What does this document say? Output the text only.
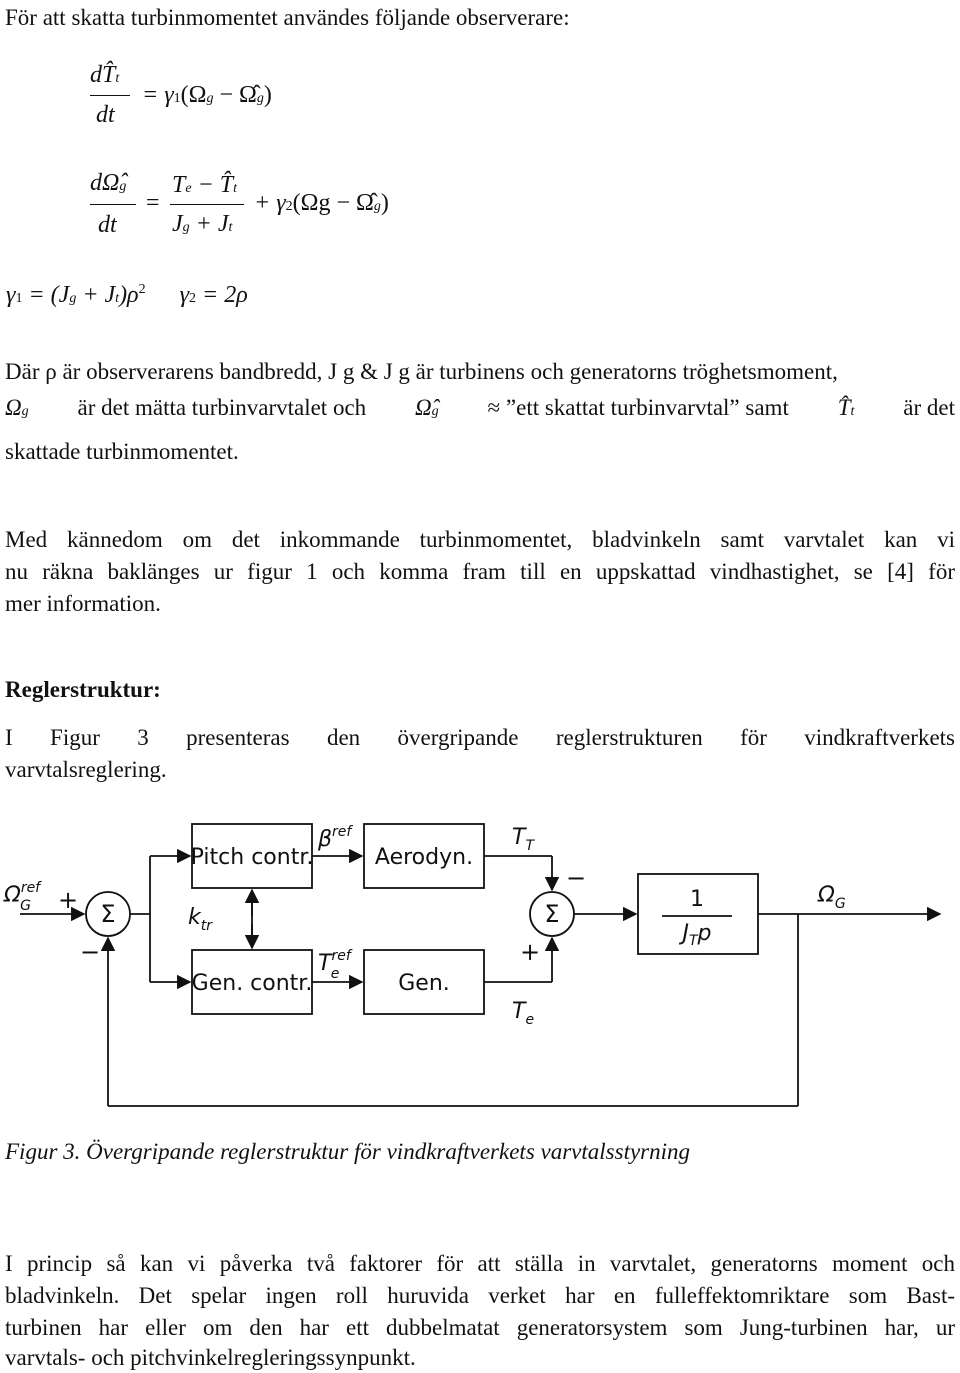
För att skatta turbinmomentet användes följande observerare:
dT̂t
dt
= γ1(Ωg − Ω̂g)
dΩ̂g
dt
=
Te − T̂t
Jg + Jt
+ γ2(Ωg − Ω̂g)
$\gamma 1 = (Jg + Jt)\rho^2$ γ2 = 2ρ
Där ρ är observerarens bandbredd, J g & J g är turbinens och generatorns tröghetsmoment,
Ωg är det mätta turbinvarvtalet och Ω̂g ≈ ”ett skattat turbinvarvtal” samt T̂t är det
skattade turbinmomentet.
Med kännedom om det inkommande turbinmomentet, bladvinkeln samt varvtalet kan vi
nu räkna baklänges ur figur 1 och komma fram till en uppskattad vindhastighet, se [4] för
mer information.
Reglerstruktur:
I Figur 3 presenteras den övergripande reglerstrukturen för vindkraftverkets
varvtalsreglering.
Pitch contr.	Aerodyn.
Gen. contr.	Gen.
1
$J_Tp$
Σ	Σ
$\Omega^{ref}$ G	$\Omega_G$
$\beta^{ref}$
$k_{tr}$
$T^{ref}$ e
$T_T$
$T_e$
+
−
−
+
Figur 3. Övergripande reglerstruktur för vindkraftverkets varvtalsstyrning
I princip så kan vi påverka två faktorer för att ställa in varvtalet, generatorns moment och
bladvinkeln. Det spelar ingen roll huruvida verket har en fulleffektomriktare som Bast-
turbinen har eller om den har ett dubbelmatat generatorsystem som Jung-turbinen har, ur
varvtals- och pitchvinkelregleringssynpunkt.
